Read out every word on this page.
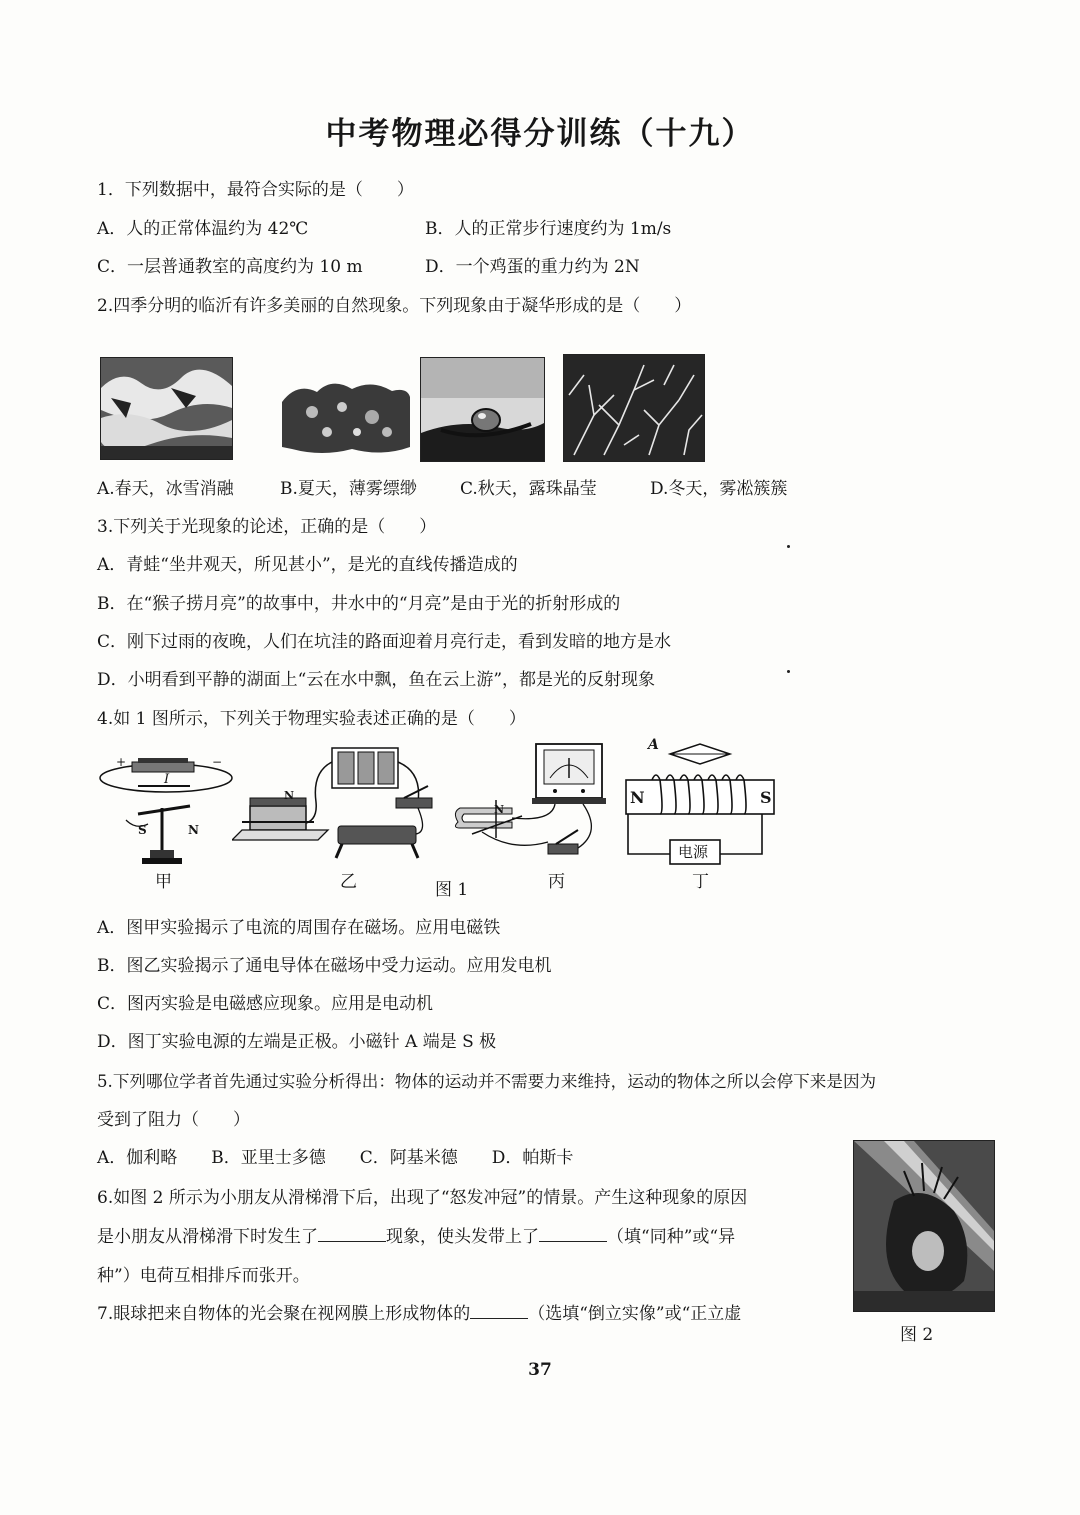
中考物理必得分训练（十九）
1．下列数据中，最符合实际的是（　　）
A．人的正常体温约为 42℃	B．人的正常步行速度约为 1m/s
C．一层普通教室的高度约为 10 m	D．一个鸡蛋的重力约为 2N
2.四季分明的临沂有许多美丽的自然现象。下列现象由于凝华形成的是（　　）
A.春天，冰雪消融	B.夏天，薄雾缥缈	C.秋天，露珠晶莹	D.冬天，雾凇簇簇
3.下列关于光现象的论述，正确的是（　　）
A．青蛙“坐井观天，所见甚小”，是光的直线传播造成的
B．在“猴子捞月亮”的故事中，井水中的“月亮”是由于光的折射形成的
C．刚下过雨的夜晚，人们在坑洼的路面迎着月亮行走，看到发暗的地方是水
D．小明看到平静的湖面上“云在水中飘，鱼在云上游”，都是光的反射现象
4.如 1 图所示，下列关于物理实验表述正确的是（　　）
+	−
I
S	N
甲
N
乙	图 1
N
丙
A
N	S
电源
丁
A．图甲实验揭示了电流的周围存在磁场。应用电磁铁
B．图乙实验揭示了通电导体在磁场中受力运动。应用发电机
C．图丙实验是电磁感应现象。应用是电动机
D．图丁实验电源的左端是正极。小磁针 A 端是 S 极
5.下列哪位学者首先通过实验分析得出：物体的运动并不需要力来维持，运动的物体之所以会停下来是因为
受到了阻力（　　）
A．伽利略　　B．亚里士多德　　C．阿基米德　　D．帕斯卡
图 2
6.如图 2 所示为小朋友从滑梯滑下后，出现了“怒发冲冠”的情景。产生这种现象的原因
是小朋友从滑梯滑下时发生了	现象，使头发带上了	（填“同种”或“异
种”）电荷互相排斥而张开。
7.眼球把来自物体的光会聚在视网膜上形成物体的	（选填“倒立实像”或“正立虚
37
